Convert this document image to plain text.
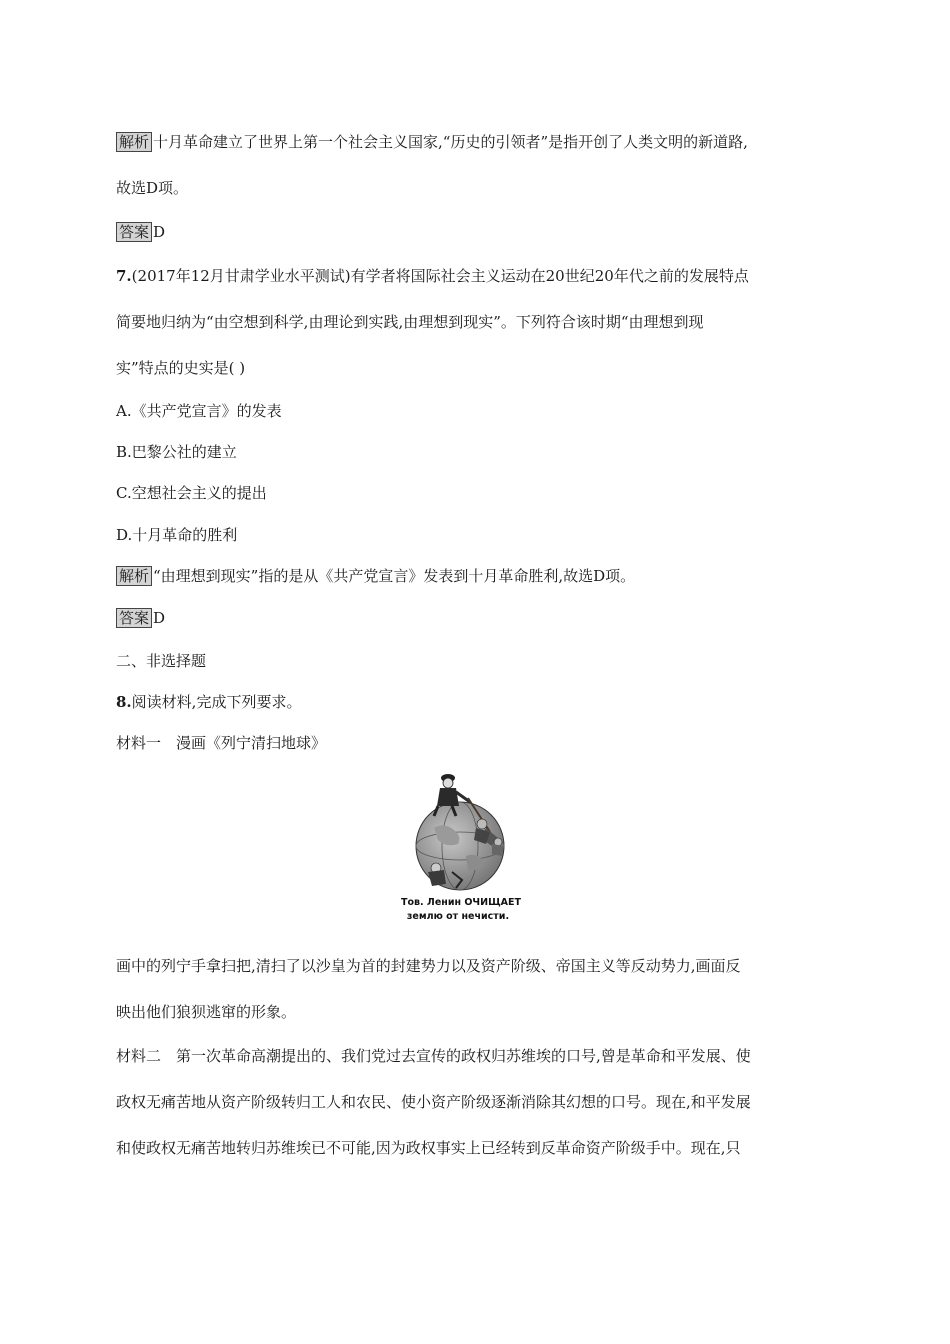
解析 十月革命建立了世界上第一个社会主义国家,“历史的引领者”是指开创了人类文明的新道路,
故选D项。
答案 D
7.(2017年12月甘肃学业水平测试)有学者将国际社会主义运动在20世纪20年代之前的发展特点
简要地归纳为“由空想到科学,由理论到实践,由理想到现实”。下列符合该时期“由理想到现
实”特点的史实是( )
A.《共产党宣言》的发表
B.巴黎公社的建立
C.空想社会主义的提出
D.十月革命的胜利
解析 “由理想到现实”指的是从《共产党宣言》发表到十月革命胜利,故选D项。
答案 D
二、非选择题
8.阅读材料,完成下列要求。
材料一　漫画《列宁清扫地球》
Тов. Ленин ОЧИЩАЕТ
землю от нечисти.
画中的列宁手拿扫把,清扫了以沙皇为首的封建势力以及资产阶级、帝国主义等反动势力,画面反
映出他们狼狈逃窜的形象。
材料二　第一次革命高潮提出的、我们党过去宣传的政权归苏维埃的口号,曾是革命和平发展、使
政权无痛苦地从资产阶级转归工人和农民、使小资产阶级逐渐消除其幻想的口号。现在,和平发展
和使政权无痛苦地转归苏维埃已不可能,因为政权事实上已经转到反革命资产阶级手中。现在,只
